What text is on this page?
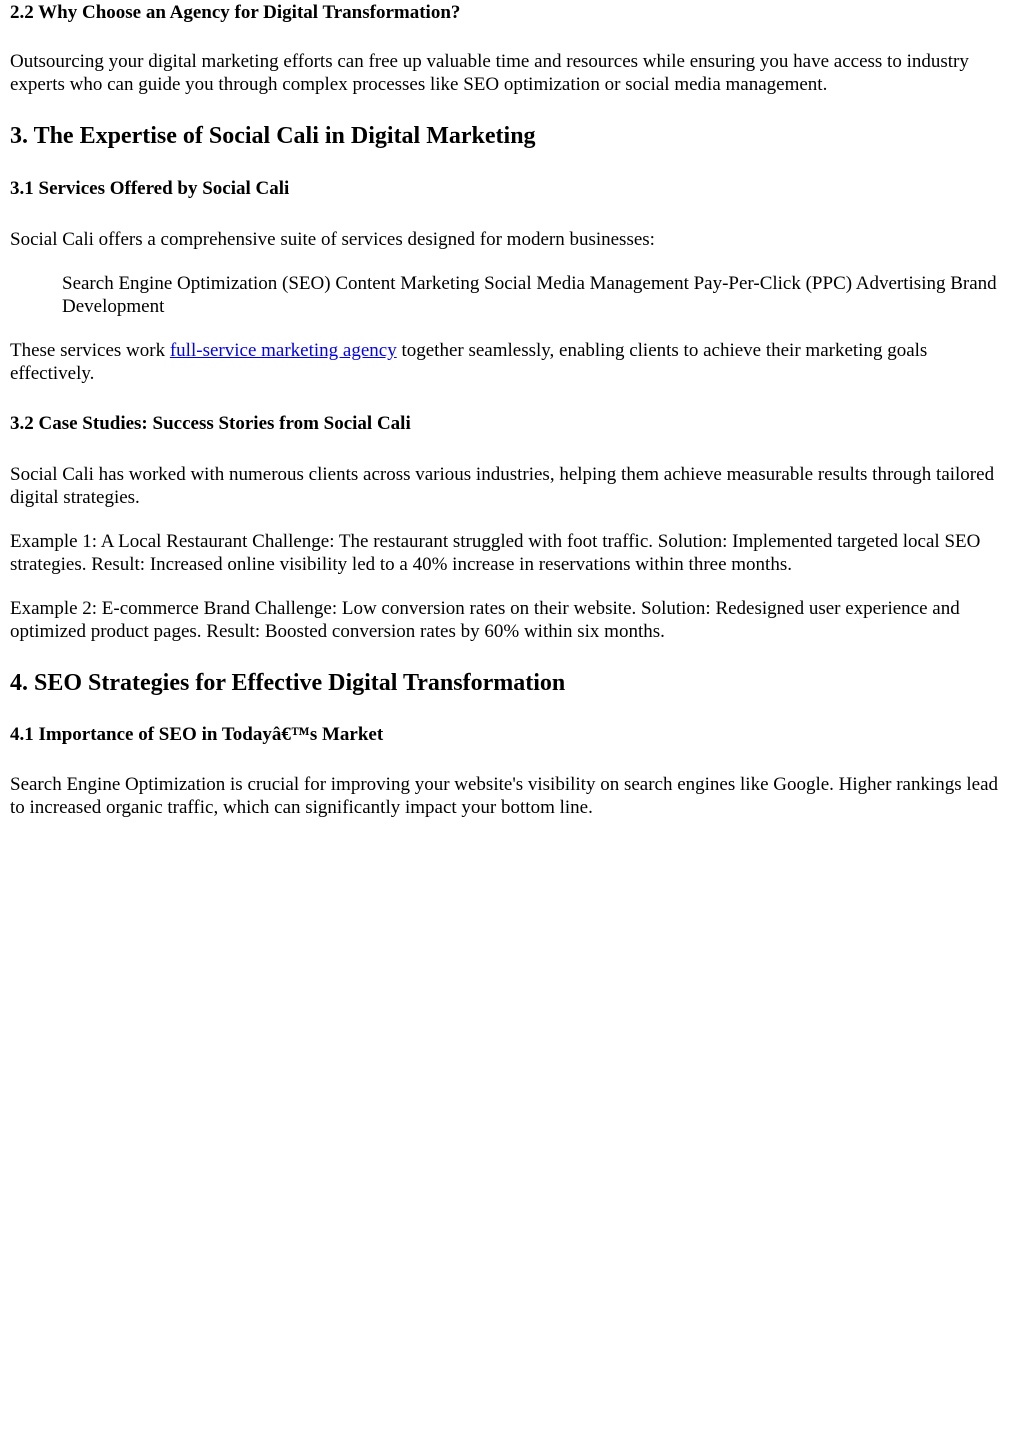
2.2 Why Choose an Agency for Digital Transformation?

Outsourcing your digital marketing efforts can free up valuable time and resources while ensuring you have access to industry experts who can guide you through complex processes like SEO optimization or social media management.

3. The Expertise of Social Cali in Digital Marketing
3.1 Services Offered by Social Cali

Social Cali offers a comprehensive suite of services designed for modern businesses:

Search Engine Optimization (SEO) Content Marketing Social Media Management Pay-Per-Click (PPC) Advertising Brand Development

These services work full-service marketing agency together seamlessly, enabling clients to achieve their marketing goals effectively.

3.2 Case Studies: Success Stories from Social Cali

Social Cali has worked with numerous clients across various industries, helping them achieve measurable results through tailored digital strategies.

Example 1: A Local Restaurant Challenge: The restaurant struggled with foot traffic. Solution: Implemented targeted local SEO strategies. Result: Increased online visibility led to a 40% increase in reservations within three months.

Example 2: E-commerce Brand Challenge: Low conversion rates on their website. Solution: Redesigned user experience and optimized product pages. Result: Boosted conversion rates by 60% within six months.

4. SEO Strategies for Effective Digital Transformation
4.1 Importance of SEO in Todayâ€™s Market

Search Engine Optimization is crucial for improving your website's visibility on search engines like Google. Higher rankings lead to increased organic traffic, which can significantly impact your bottom line.
